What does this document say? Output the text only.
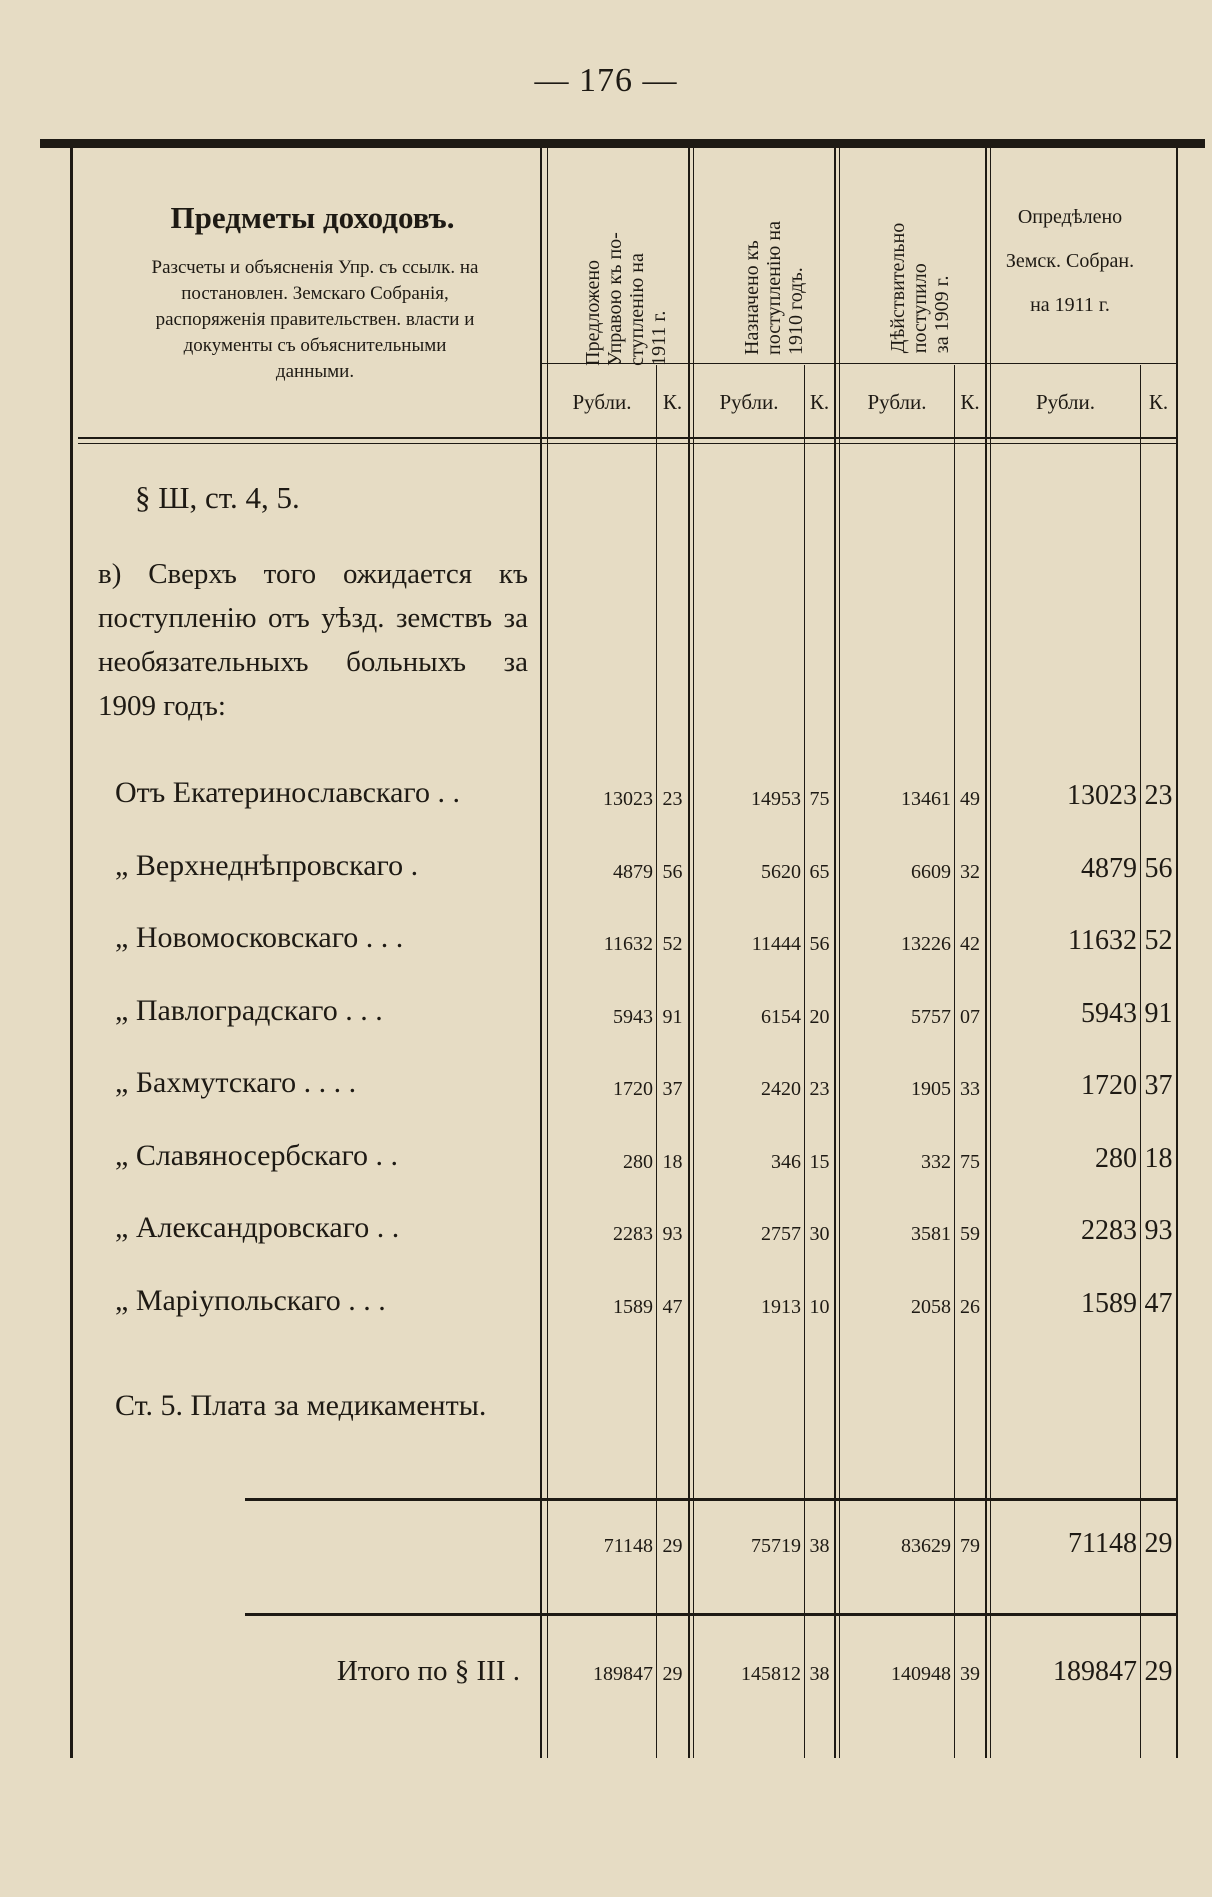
— 176 —
Предметы доходовъ.
Разсчеты и объясненія Упр. съ ссылк. на постановлен. Земскаго Собранія, распоряженія правительствен. власти и документы съ объяснительными данными.
Предложено Управою къ по- ступленію на 1911 г.	Назначено къ поступленію на 1910 годъ.	Дѣйствительно поступило за 1909 г.
Опредѣлено
Земск. Собран.
на 1911 г.
Рубли.	К.	Рубли.	К.	Рубли.	К.	Рубли.	К.
§ Ш, ст. 4, 5.
в) Сверхъ того ожидается къ поступленію отъ уѣзд. земствъ за необязательныхъ больныхъ за 1909 годъ:
Отъ Екатеринославскаго . .	13023 23	14953 75	13461 49	13023 23
„ Верхнеднѣпровскаго .	4879 56	5620 65	6609 32	4879 56
„ Новомосковскаго . . .	11632 52	11444 56	13226 42	11632 52
„ Павлоградскаго . . .	5943 91	6154 20	5757 07	5943 91
„ Бахмутскаго . . . .	1720 37	2420 23	1905 33	1720 37
„ Славяносербскаго . .	280 18	346 15	332 75	280 18
„ Александровскаго . .	2283 93	2757 30	3581 59	2283 93
„ Маріупольскаго . . .	1589 47	1913 10	2058 26	1589 47
Ст. 5. Плата за медикаменты.
71148 29	75719 38	83629 79	71148 29
Итого по § III .	189847 29	145812 38	140948 39	189847 29
